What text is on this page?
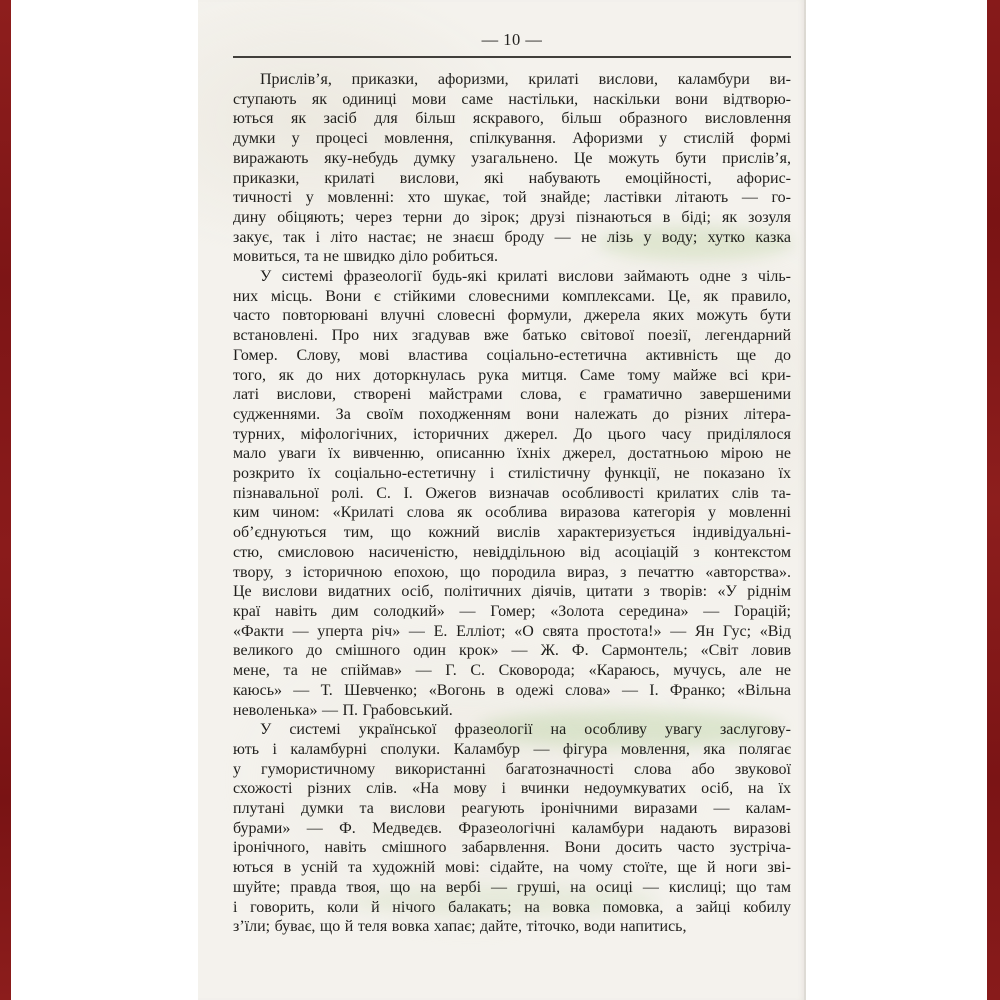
— 10 —

Прислів’я, приказки, афоризми, крилаті вислови, каламбури ви-
ступають як одиниці мови саме настільки, наскільки вони відтворю-
ються як засіб для більш яскравого, більш образного висловлення
думки у процесі мовлення, спілкування. Афоризми у стислій формі
виражають яку-небудь думку узагальнено. Це можуть бути прислів’я,
приказки, крилаті вислови, які набувають емоційності, афорис-
тичності у мовленні: хто шукає, той знайде; ластівки літають — го-
дину обіцяють; через терни до зірок; друзі пізнаються в біді; як зозуля
закує, так і літо настає; не знаєш броду — не лізь у воду; хутко казка
мовиться, та не швидко діло робиться.

У системі фразеології будь-які крилаті вислови займають одне з чіль-
них місць. Вони є стійкими словесними комплексами. Це, як правило,
часто повторювані влучні словесні формули, джерела яких можуть бути
встановлені. Про них згадував вже батько світової поезії, легендарний
Гомер. Слову, мові властива соціально-естетична активність ще до
того, як до них доторкнулась рука митця. Саме тому майже всі кри-
латі вислови, створені майстрами слова, є граматично завершеними
судженнями. За своїм походженням вони належать до різних літера-
турних, міфологічних, історичних джерел. До цього часу приділялося
мало уваги їх вивченню, описанню їхніх джерел, достатньою мірою не
розкрито їх соціально-естетичну і стилістичну функції, не показано їх
пізнавальної ролі. С. І. Ожегов визначав особливості крилатих слів та-
ким чином: «Крилаті слова як особлива виразова категорія у мовленні
об’єднуються тим, що кожний вислів характеризується індивідуальні-
стю, смисловою насиченістю, невіддільною від асоціацій з контекстом
твору, з історичною епохою, що породила вираз, з печаттю «авторства».
Це вислови видатних осіб, політичних діячів, цитати з творів: «У ріднім
краї навіть дим солодкий» — Гомер; «Золота середина» — Горацій;
«Факти — уперта річ» — Е. Елліот; «О свята простота!» — Ян Гус; «Від
великого до смішного один крок» — Ж. Ф. Сармонтель; «Світ ловив
мене, та не спіймав» — Г. С. Сковорода; «Караюсь, мучусь, але не
каюсь» — Т. Шевченко; «Вогонь в одежі слова» — І. Франко; «Вільна
неволенька» — П. Грабовський.

У системі української фразеології на особливу увагу заслугову-
ють і каламбурні сполуки. Каламбур — фігура мовлення, яка полягає
у гумористичному використанні багатозначності слова або звукової
схожості різних слів. «На мову і вчинки недоумкуватих осіб, на їх
плутані думки та вислови реагують іронічними виразами — калам-
бурами» — Ф. Медведєв. Фразеологічні каламбури надають виразові
іронічного, навіть смішного забарвлення. Вони досить часто зустріча-
ються в усній та художній мові: сідайте, на чому стоїте, ще й ноги зві-
шуйте; правда твоя, що на вербі — груші, на осиці — кислиці; що там
і говорить, коли й нічого балакать; на вовка помовка, а зайці кобилу
з’їли; буває, що й теля вовка хапає; дайте, тіточко, води напитись,
